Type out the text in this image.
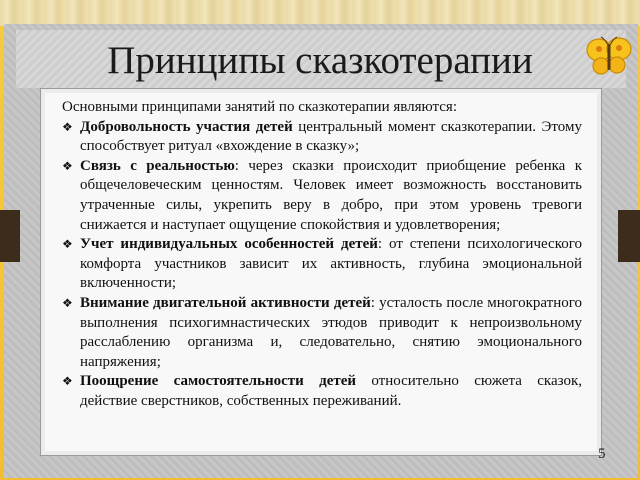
Принципы сказкотерапии

Основными принципами занятий по сказкотерапии являются:

❖ Добровольность участия детей центральный момент сказкотерапии. Этому способствует ритуал «вхождение в сказку»;
❖ Связь с реальностью: через сказки происходит приобщение ребенка к общечеловеческим ценностям. Человек имеет возможность восстановить утраченные силы, укрепить веру в добро, при этом уровень тревоги снижается и наступает ощущение спокойствия и удовлетворения;
❖ Учет индивидуальных особенностей детей: от степени психологического комфорта участников зависит их активность, глубина эмоциональной включенности;
❖ Внимание двигательной активности детей: усталость после многократного выполнения психогимнастических этюдов приводит к непроизвольному расслаблению организма и, следовательно, снятию эмоционального напряжения;
❖ Поощрение самостоятельности детей относительно сюжета сказок, действие сверстников, собственных переживаний.
5
